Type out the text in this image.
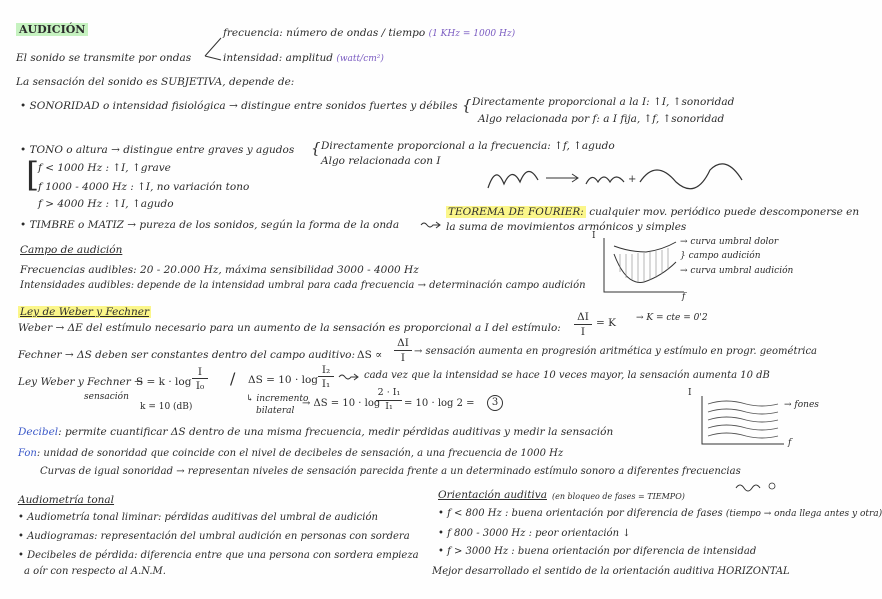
AUDICIÓN
El sonido se transmite por ondas
frecuencia: número de ondas / tiempo (1 KHz = 1000 Hz)
intensidad: amplitud (watt/cm²)
La sensación del sonido es SUBJETIVA, depende de:
• SONORIDAD o intensidad fisiológica → distingue entre sonidos fuertes y débiles { Directamente proporcional a la I: ↑I, ↑sonoridad
Algo relacionada por f: a I fija, ↑f, ↑sonoridad
• TONO o altura → distingue entre graves y agudos { Directamente proporcional a la frecuencia: ↑f, ↑agudo
Algo relacionada con I
[
f < 1000 Hz : ↑I, ↑grave
f 1000 - 4000 Hz : ↑I, no variación tono
f > 4000 Hz : ↑I, ↑agudo
+
• TIMBRE o MATIZ → pureza de los sonidos, según la forma de la onda
TEOREMA DE FOURIER: cualquier mov. periódico puede descomponerse en
la suma de movimientos armónicos y simples
Campo de audición
Frecuencias audibles: 20 - 20.000 Hz, máxima sensibilidad 3000 - 4000 Hz
Intensidades audibles: depende de la intensidad umbral para cada frecuencia → determinación campo audición
I
f
→ curva umbral dolor
} campo audición
→ curva umbral audición
Ley de Weber y Fechner
Weber → ΔE del estímulo necesario para un aumento de la sensación es proporcional a I del estímulo:
ΔI
I
= K → K = cte = 0'2
Fechner → ΔS deben ser constantes dentro del campo auditivo: ΔS ∝
ΔI
I
→ sensación aumenta en progresión aritmética y estímulo en progr. geométrica
Ley Weber y Fechner →
S = k · log
I
I₀
sensación
k = 10 (dB)
/ ΔS = 10 · log
I₂
I₁
cada vez que la intensidad se hace 10 veces mayor, la sensación aumenta 10 dB
↳ incremento
bilateral
→ ΔS = 10 · log
2 · I₁
I₁	= 10 · log 2 =	3
Decibel: permite cuantificar ΔS dentro de una misma frecuencia, medir pérdidas auditivas y medir la sensación
I
f
→ fones
Fon: unidad de sonoridad que coincide con el nivel de decibeles de sensación, a una frecuencia de 1000 Hz
Curvas de igual sonoridad → representan niveles de sensación parecida frente a un determinado estímulo sonoro a diferentes frecuencias
Audiometría tonal
• Audiometría tonal liminar: pérdidas auditivas del umbral de audición
• Audiogramas: representación del umbral audición en personas con sordera
• Decibeles de pérdida: diferencia entre que una persona con sordera empieza
a oír con respecto al A.N.M.
Orientación auditiva (en bloqueo de fases = TIEMPO)
• f < 800 Hz : buena orientación por diferencia de fases (tiempo → onda llega antes y otra)
• f 800 - 3000 Hz : peor orientación ↓
• f > 3000 Hz : buena orientación por diferencia de intensidad
Mejor desarrollado el sentido de la orientación auditiva HORIZONTAL
